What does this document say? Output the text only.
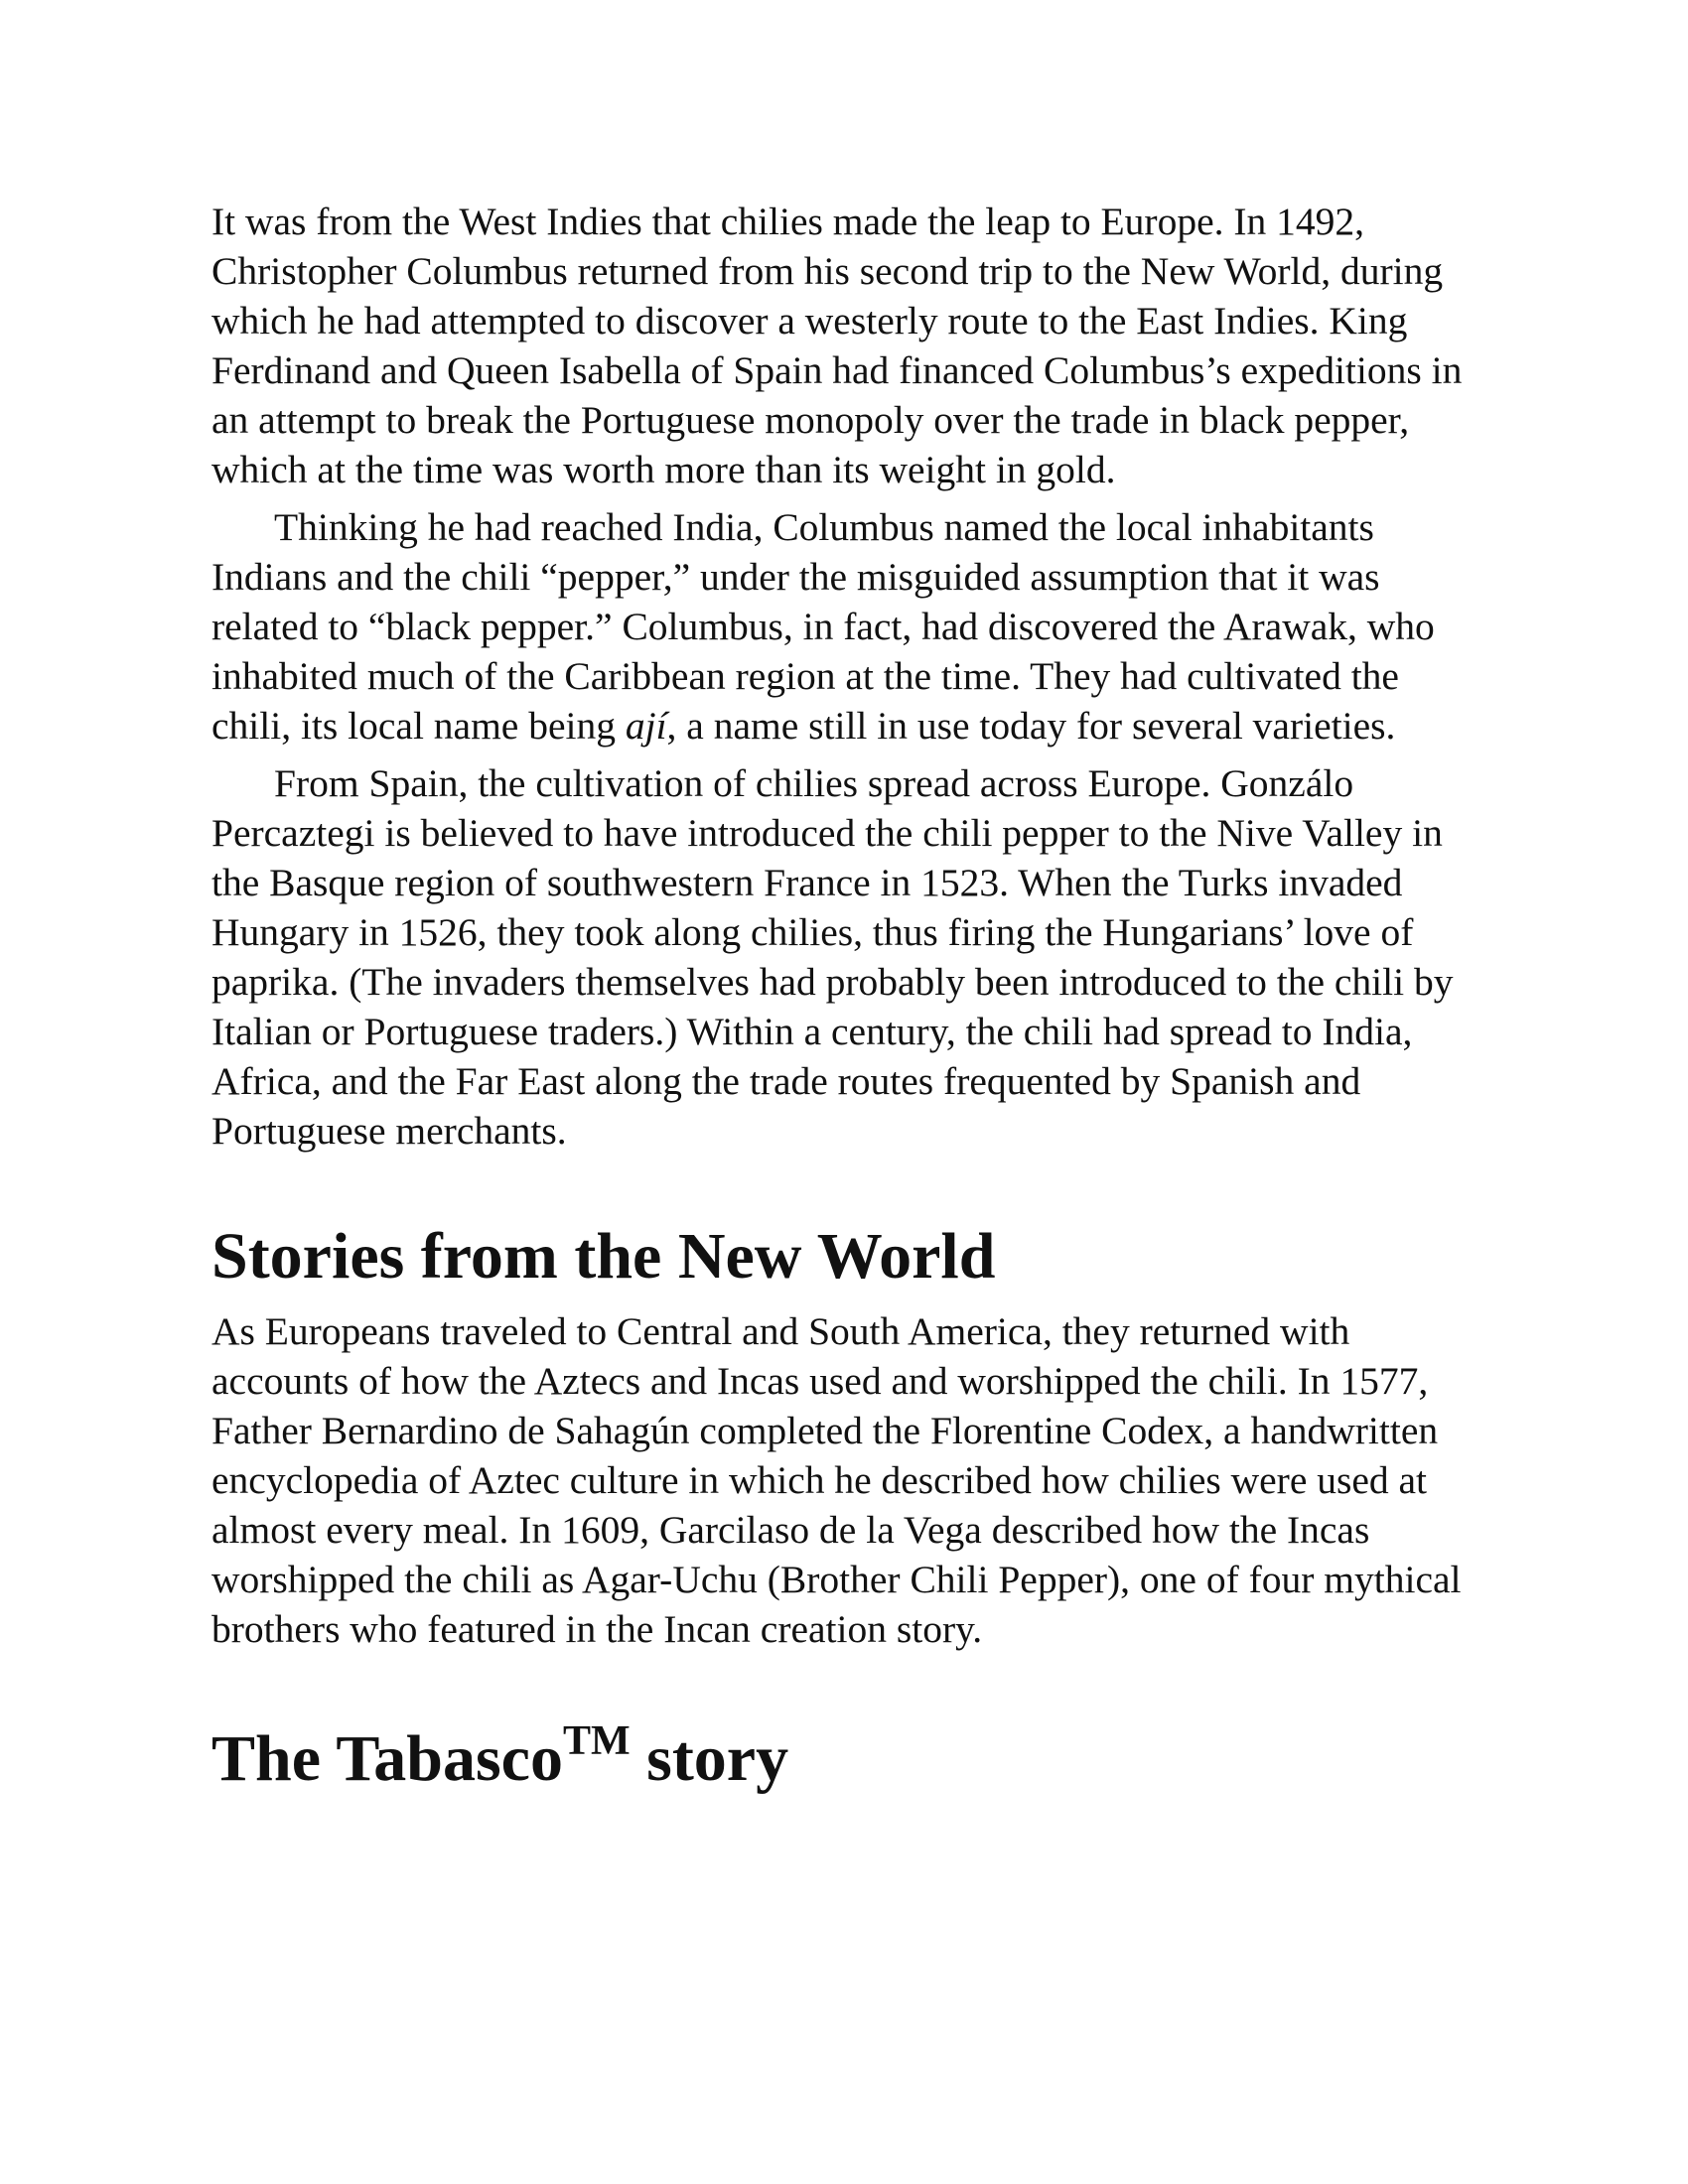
It was from the West Indies that chilies made the leap to Europe. In 1492, Christopher Columbus returned from his second trip to the New World, during which he had attempted to discover a westerly route to the East Indies. King Ferdinand and Queen Isabella of Spain had financed Columbus’s expeditions in an attempt to break the Portuguese monopoly over the trade in black pepper, which at the time was worth more than its weight in gold.

Thinking he had reached India, Columbus named the local inhabitants Indians and the chili “pepper,” under the misguided assumption that it was related to “black pepper.” Columbus, in fact, had discovered the Arawak, who inhabited much of the Caribbean region at the time. They had cultivated the chili, its local name being ají, a name still in use today for several varieties.

From Spain, the cultivation of chilies spread across Europe. Gonzálo Percaztegi is believed to have introduced the chili pepper to the Nive Valley in the Basque region of southwestern France in 1523. When the Turks invaded Hungary in 1526, they took along chilies, thus firing the Hungarians’ love of paprika. (The invaders themselves had probably been introduced to the chili by Italian or Portuguese traders.) Within a century, the chili had spread to India, Africa, and the Far East along the trade routes frequented by Spanish and Portuguese merchants.

Stories from the New World

As Europeans traveled to Central and South America, they returned with accounts of how the Aztecs and Incas used and worshipped the chili. In 1577, Father Bernardino de Sahagún completed the Florentine Codex, a handwritten encyclopedia of Aztec culture in which he described how chilies were used at almost every meal. In 1609, Garcilaso de la Vega described how the Incas worshipped the chili as Agar-Uchu (Brother Chili Pepper), one of four mythical brothers who featured in the Incan creation story.

The Tabasco™ story
